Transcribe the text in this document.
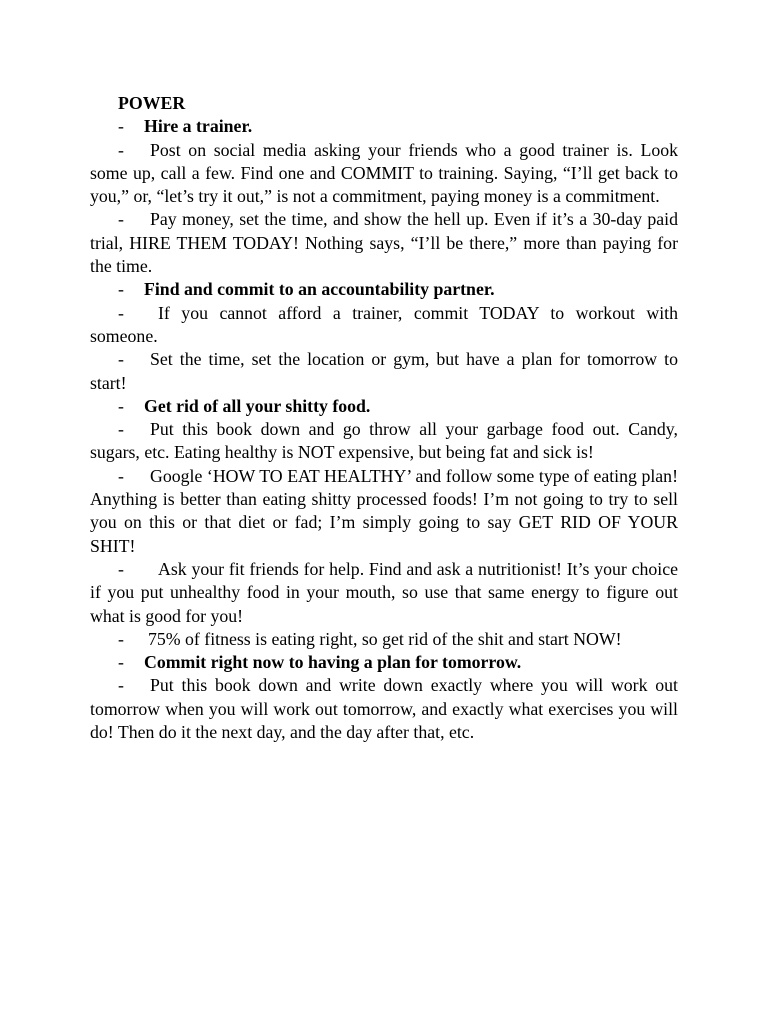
POWER
- Hire a trainer.
- Post on social media asking your friends who a good trainer is. Look some up, call a few. Find one and COMMIT to training. Saying, “I’ll get back to you,” or, “let’s try it out,” is not a commitment, paying money is a commitment.
- Pay money, set the time, and show the hell up. Even if it’s a 30-day paid trial, HIRE THEM TODAY! Nothing says, “I’ll be there,” more than paying for the time.
- Find and commit to an accountability partner.
- If you cannot afford a trainer, commit TODAY to workout with someone.
- Set the time, set the location or gym, but have a plan for tomorrow to start!
- Get rid of all your shitty food.
- Put this book down and go throw all your garbage food out. Candy, sugars, etc. Eating healthy is NOT expensive, but being fat and sick is!
- Google ‘HOW TO EAT HEALTHY’ and follow some type of eating plan! Anything is better than eating shitty processed foods! I’m not going to try to sell you on this or that diet or fad; I’m simply going to say GET RID OF YOUR SHIT!
- Ask your fit friends for help. Find and ask a nutritionist! It’s your choice if you put unhealthy food in your mouth, so use that same energy to figure out what is good for you!
- 75% of fitness is eating right, so get rid of the shit and start NOW!
- Commit right now to having a plan for tomorrow.
- Put this book down and write down exactly where you will work out tomorrow when you will work out tomorrow, and exactly what exercises you will do! Then do it the next day, and the day after that, etc.
